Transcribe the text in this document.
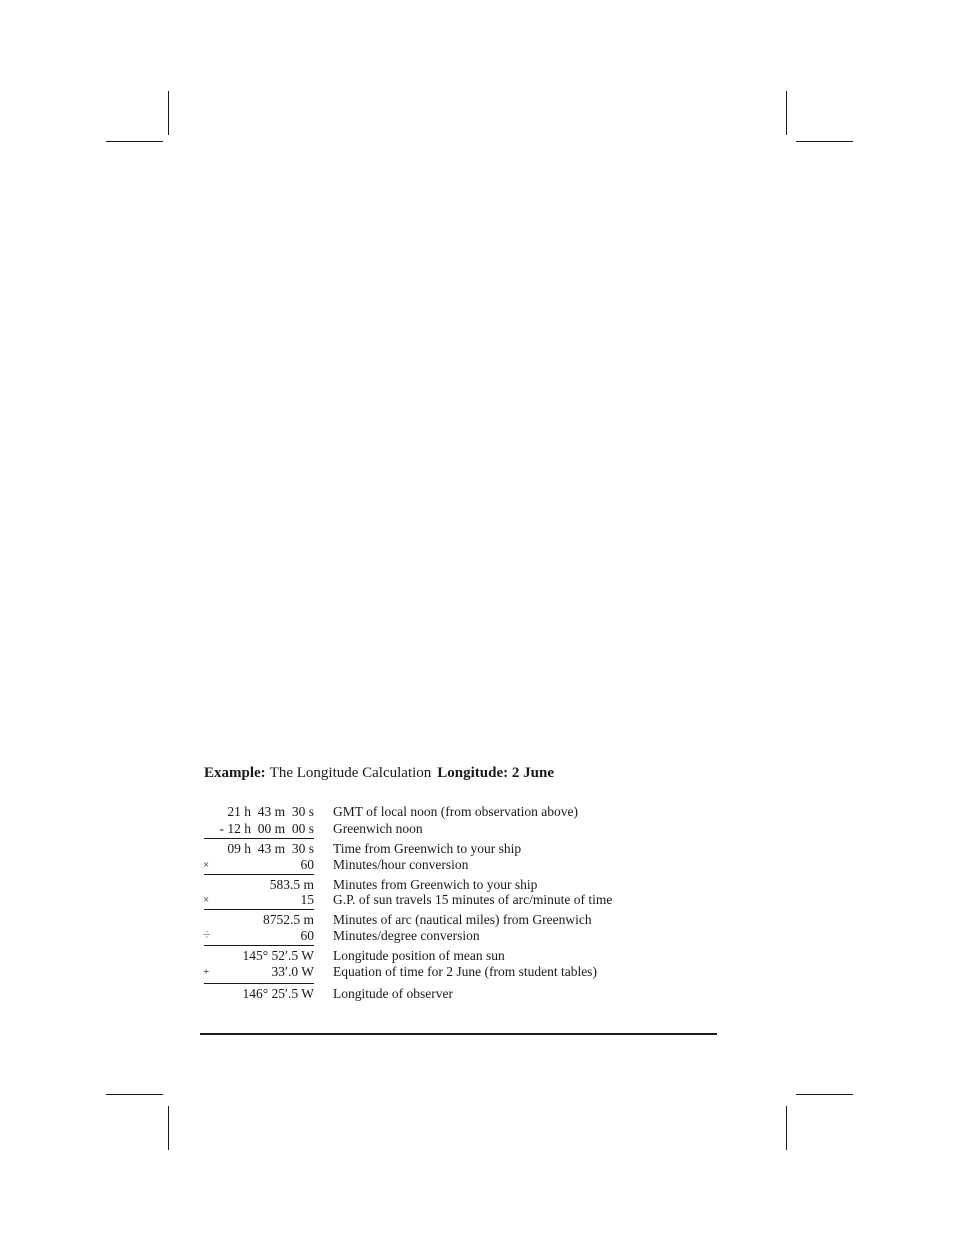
Example: The Longitude Calculation Longitude: 2 June
21 h  43 m  30 s GMT of local noon (from observation above)
- 12 h  00 m  00 s Greenwich noon
09 h  43 m  30 s Time from Greenwich to your ship
×	60 Minutes/hour conversion
583.5 m Minutes from Greenwich to your ship
×	15 G.P. of sun travels 15 minutes of arc/minute of time
8752.5 m Minutes of arc (nautical miles) from Greenwich
÷	60 Minutes/degree conversion
145° 52′.5 W Longitude position of mean sun
+	33′.0 W Equation of time for 2 June (from student tables)
146° 25′.5 W Longitude of observer
